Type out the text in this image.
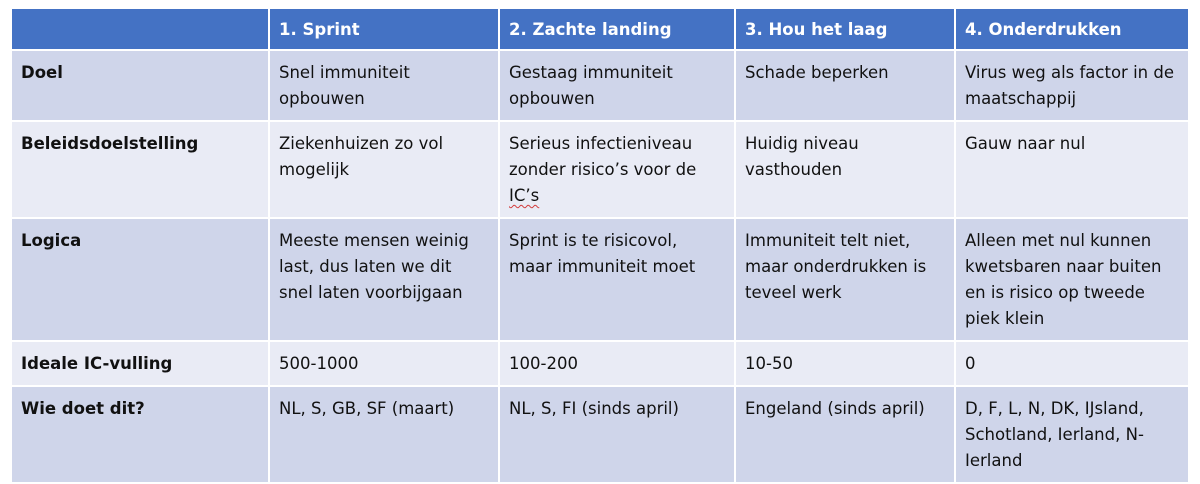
	1. Sprint	2. Zachte landing	3. Hou het laag	4. Onderdrukken
Doel	Snel immuniteit opbouwen	Gestaag immuniteit opbouwen	Schade beperken	Virus weg als factor in de maatschappij
Beleidsdoelstelling	Ziekenhuizen zo vol mogelijk	Serieus infectieniveau zonder risico’s voor de IC’s	Huidig niveau vasthouden	Gauw naar nul
Logica	Meeste mensen weinig last, dus laten we dit snel laten voorbijgaan	Sprint is te risicovol, maar immuniteit moet	Immuniteit telt niet, maar onderdrukken is teveel werk	Alleen met nul kunnen kwetsbaren naar buiten en is risico op tweede piek klein
Ideale IC-vulling	500-1000	100-200	10-50	0
Wie doet dit?	NL, S, GB, SF (maart)	NL, S, FI (sinds april)	Engeland (sinds april)	D, F, L, N, DK, IJsland, Schotland, Ierland, N-Ierland
